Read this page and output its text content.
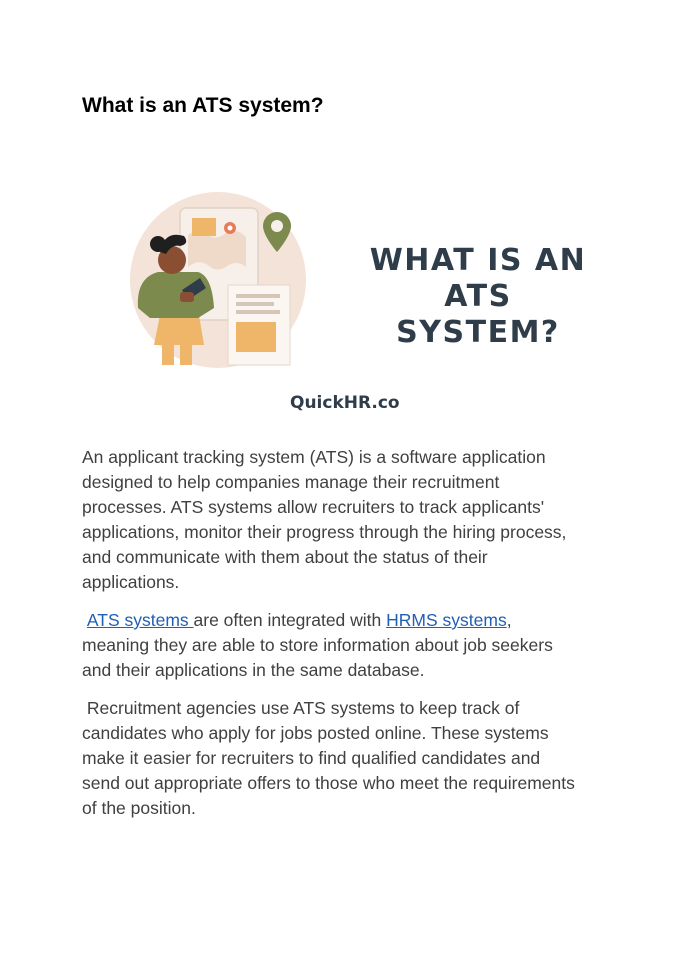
What is an ATS system?
WHAT IS AN
ATS SYSTEM?
QuickHR.co

An applicant tracking system (ATS) is a software application designed to help companies manage their recruitment processes. ATS systems allow recruiters to track applicants' applications, monitor their progress through the hiring process, and communicate with them about the status of their applications.

ATS systems are often integrated with HRMS systems, meaning they are able to store information about job seekers and their applications in the same database.

Recruitment agencies use ATS systems to keep track of candidates who apply for jobs posted online. These systems make it easier for recruiters to find qualified candidates and send out appropriate offers to those who meet the requirements of the position.
